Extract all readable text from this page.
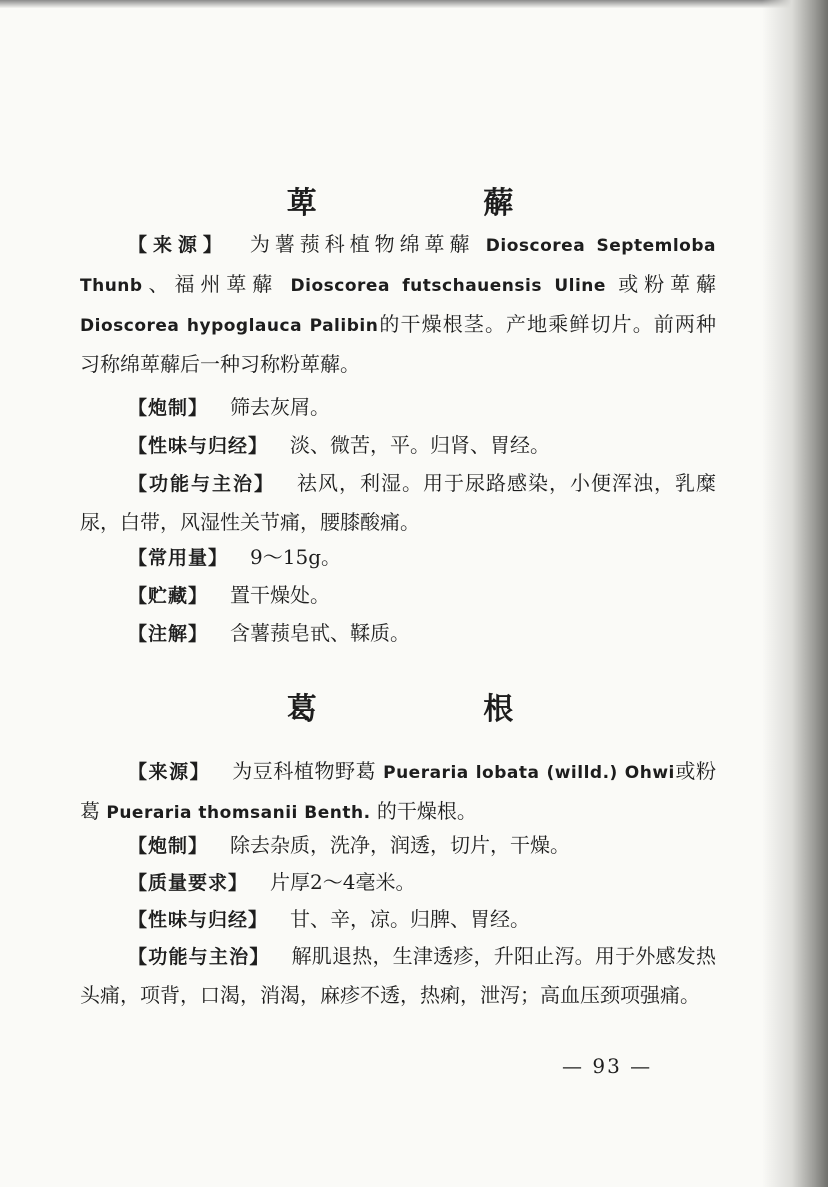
萆 薢

【来源】 为薯蓣科植物绵萆薢 Dioscorea Septemloba Thunb、福州萆薢 Dioscorea futschauensis Uline 或粉萆薢 Dioscorea hypoglauca Palibin的干燥根茎。产地乘鲜切片。前两种习称绵萆薢后一种习称粉萆薢。

【炮制】 筛去灰屑。

【性味与归经】 淡、微苦，平。归肾、胃经。

【功能与主治】 祛风，利湿。用于尿路感染，小便浑浊，乳糜尿，白带，风湿性关节痛，腰膝酸痛。

【常用量】 9～15g。

【贮藏】 置干燥处。

【注解】 含薯蓣皂甙、鞣质。

葛 根

【来源】 为豆科植物野葛 Pueraria lobata (willd.) Ohwi或粉葛 Pueraria thomsanii Benth. 的干燥根。

【炮制】 除去杂质，洗净，润透，切片，干燥。

【质量要求】 片厚2～4毫米。

【性味与归经】 甘、辛，凉。归脾、胃经。

【功能与主治】 解肌退热，生津透疹，升阳止泻。用于外感发热头痛，项背，口渴，消渴，麻疹不透，热痢，泄泻；高血压颈项强痛。

— 93 —
